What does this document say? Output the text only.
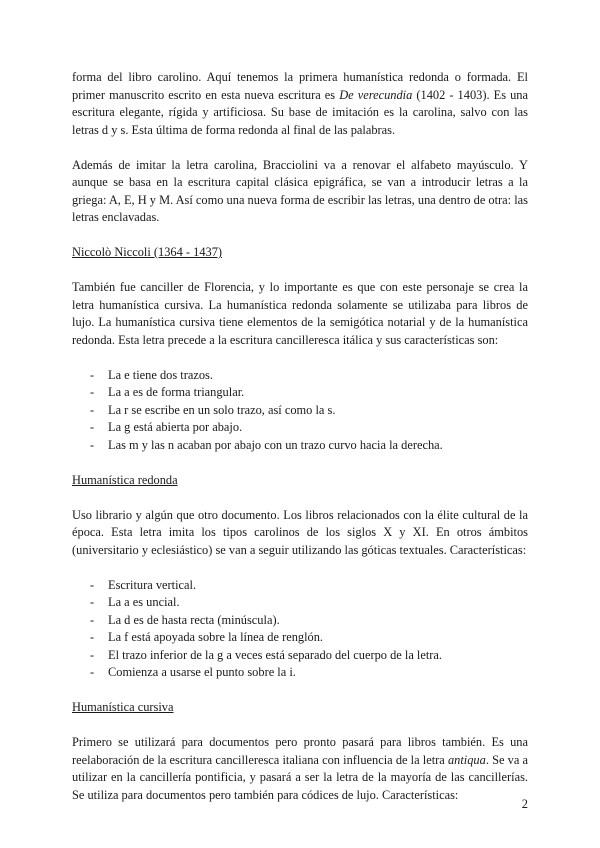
forma del libro carolino. Aquí tenemos la primera humanística redonda o formada. El primer manuscrito escrito en esta nueva escritura es De verecundia (1402 - 1403). Es una escritura elegante, rígida y artificiosa. Su base de imitación es la carolina, salvo con las letras d y s. Esta última de forma redonda al final de las palabras.

Además de imitar la letra carolina, Bracciolini va a renovar el alfabeto mayúsculo. Y aunque se basa en la escritura capital clásica epigráfica, se van a introducir letras a la griega: A, E, H y M. Así como una nueva forma de escribir las letras, una dentro de otra: las letras enclavadas.

Niccolò Niccoli (1364 - 1437)

También fue canciller de Florencia, y lo importante es que con este personaje se crea la letra humanística cursiva. La humanística redonda solamente se utilizaba para libros de lujo. La humanística cursiva tiene elementos de la semigótica notarial y de la humanística redonda. Esta letra precede a la escritura cancilleresca itálica y sus características son:

- La e tiene dos trazos.
- La a es de forma triangular.
- La r se escribe en un solo trazo, así como la s.
- La g está abierta por abajo.
- Las m y las n acaban por abajo con un trazo curvo hacia la derecha.

Humanística redonda

Uso librario y algún que otro documento. Los libros relacionados con la élite cultural de la época. Esta letra imita los tipos carolinos de los siglos X y XI. En otros ámbitos (universitario y eclesiástico) se van a seguir utilizando las góticas textuales. Características:

- Escritura vertical.
- La a es uncial.
- La d es de hasta recta (minúscula).
- La f está apoyada sobre la línea de renglón.
- El trazo inferior de la g a veces está separado del cuerpo de la letra.
- Comienza a usarse el punto sobre la i.

Humanística cursiva

Primero se utilizará para documentos pero pronto pasará para libros también. Es una reelaboración de la escritura cancilleresca italiana con influencia de la letra antiqua. Se va a utilizar en la cancillería pontificia, y pasará a ser la letra de la mayoría de las cancillerías. Se utiliza para documentos pero también para códices de lujo. Características:

2
